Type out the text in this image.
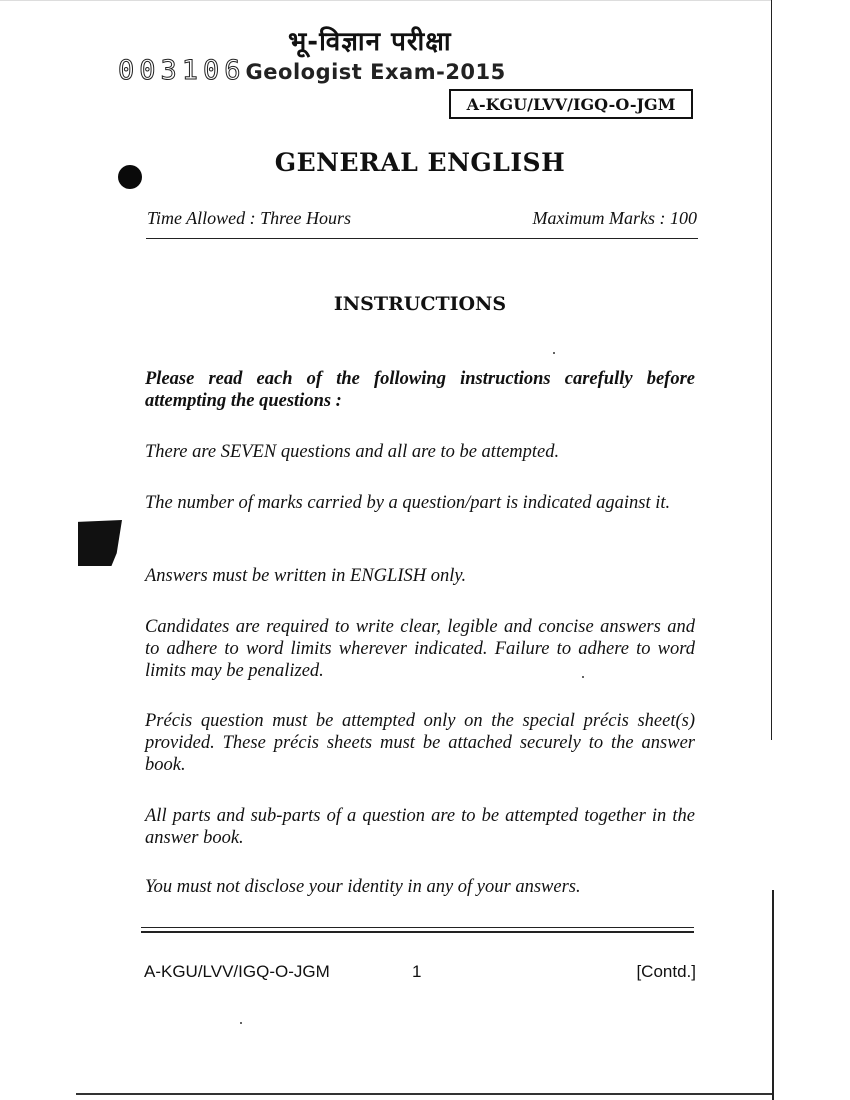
भू-विज्ञान परीक्षा
003106Geologist Exam-2015
A-KGU/LVV/IGQ-O-JGM
GENERAL ENGLISH
Time Allowed : Three Hours	Maximum Marks : 100
INSTRUCTIONS
Please read each of the following instructions carefully before attempting the questions :
There are SEVEN questions and all are to be attempted.
The number of marks carried by a question/part is indicated against it.
Answers must be written in ENGLISH only.
Candidates are required to write clear, legible and concise answers and to adhere to word limits wherever indicated. Failure to adhere to word limits may be penalized.
Précis question must be attempted only on the special précis sheet(s) provided. These précis sheets must be attached securely to the answer book.
All parts and sub-parts of a question are to be attempted together in the answer book.
You must not disclose your identity in any of your answers.
A-KGU/LVV/IGQ-O-JGM	1	[Contd.]
